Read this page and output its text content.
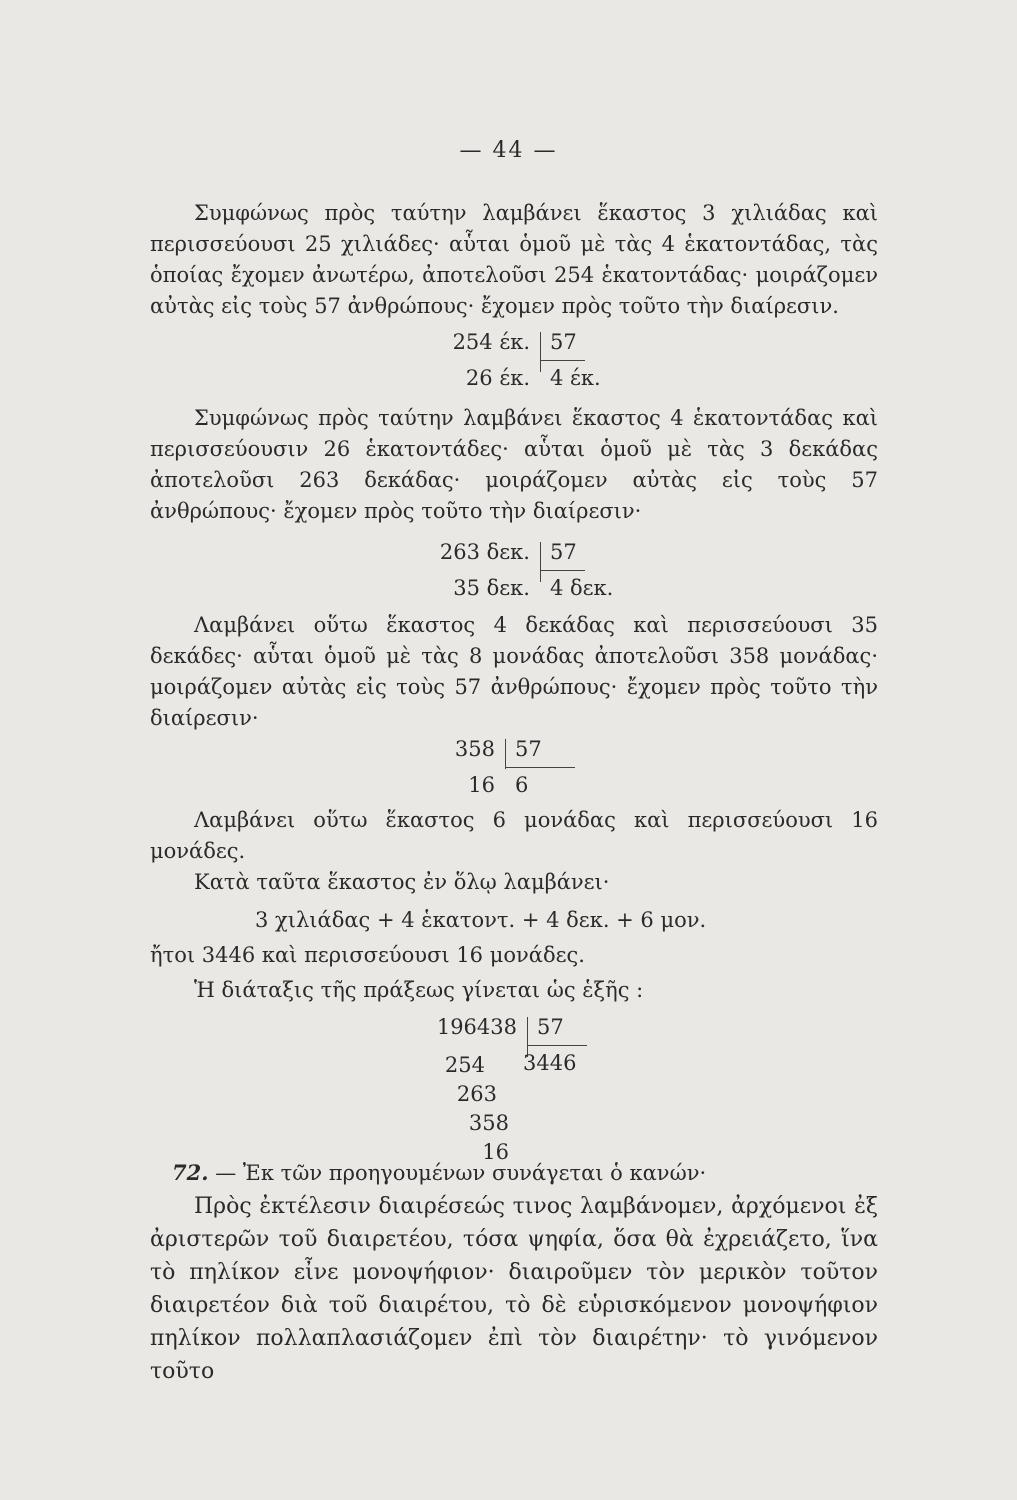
— 44 —

Συμφώνως πρὸς ταύτην λαμβάνει ἕκαστος 3 χιλιάδας καὶ περισσεύουσι 25 χιλιάδες· αὗται ὁμοῦ μὲ τὰς 4 ἑκατοντάδας, τὰς ὁποίας ἔχομεν ἀνωτέρω, ἀποτελοῦσι 254 ἑκατοντάδας· μοιράζομεν αὐτὰς εἰς τοὺς 57 ἀνθρώπους· ἔχομεν πρὸς τοῦτο τὴν διαίρεσιν.

254 έκ. 57
26 έκ. 4 έκ.

Συμφώνως πρὸς ταύτην λαμβάνει ἕκαστος 4 ἑκατοντάδας καὶ περισσεύουσιν 26 ἑκατοντάδες· αὗται ὁμοῦ μὲ τὰς 3 δεκάδας ἀποτελοῦσι 263 δεκάδας· μοιράζομεν αὐτὰς εἰς τοὺς 57 ἀνθρώπους· ἔχομεν πρὸς τοῦτο τὴν διαίρεσιν·

263 δεκ. 57
35 δεκ. 4 δεκ.

Λαμβάνει οὕτω ἕκαστος 4 δεκάδας καὶ περισσεύουσι 35 δεκάδες· αὗται ὁμοῦ μὲ τὰς 8 μονάδας ἀποτελοῦσι 358 μονάδας· μοιράζομεν αὐτὰς εἰς τοὺς 57 ἀνθρώπους· ἔχομεν πρὸς τοῦτο τὴν διαίρεσιν·

358 57
16 6

Λαμβάνει οὕτω ἕκαστος 6 μονάδας καὶ περισσεύουσι 16 μονάδες.

Κατὰ ταῦτα ἕκαστος ἐν ὅλῳ λαμβάνει·
3 χιλιάδας + 4 ἑκατοντ. + 4 δεκ. + 6 μον.
ἤτοι 3446 καὶ περισσεύουσι 16 μονάδες.
Ἡ διάταξις τῆς πράξεως γίνεται ὡς ἑξῆς :
196438 57
3446
254
263
358
16
72. — Ἐκ τῶν προηγουμένων συνάγεται ὁ κανών·

Πρὸς ἐκτέλεσιν διαιρέσεώς τινος λαμβάνομεν, ἀρχόμενοι ἐξ ἀριστερῶν τοῦ διαιρετέου, τόσα ψηφία, ὅσα θὰ ἐχρειάζετο, ἵνα τὸ πηλίκον εἶνε μονοψήφιον· διαιροῦμεν τὸν μερικὸν τοῦτον διαιρετέον διὰ τοῦ διαιρέτου, τὸ δὲ εὑρισκόμενον μονοψήφιον πηλίκον πολλαπλασιάζομεν ἐπὶ τὸν διαιρέτην· τὸ γινόμενον τοῦτο
